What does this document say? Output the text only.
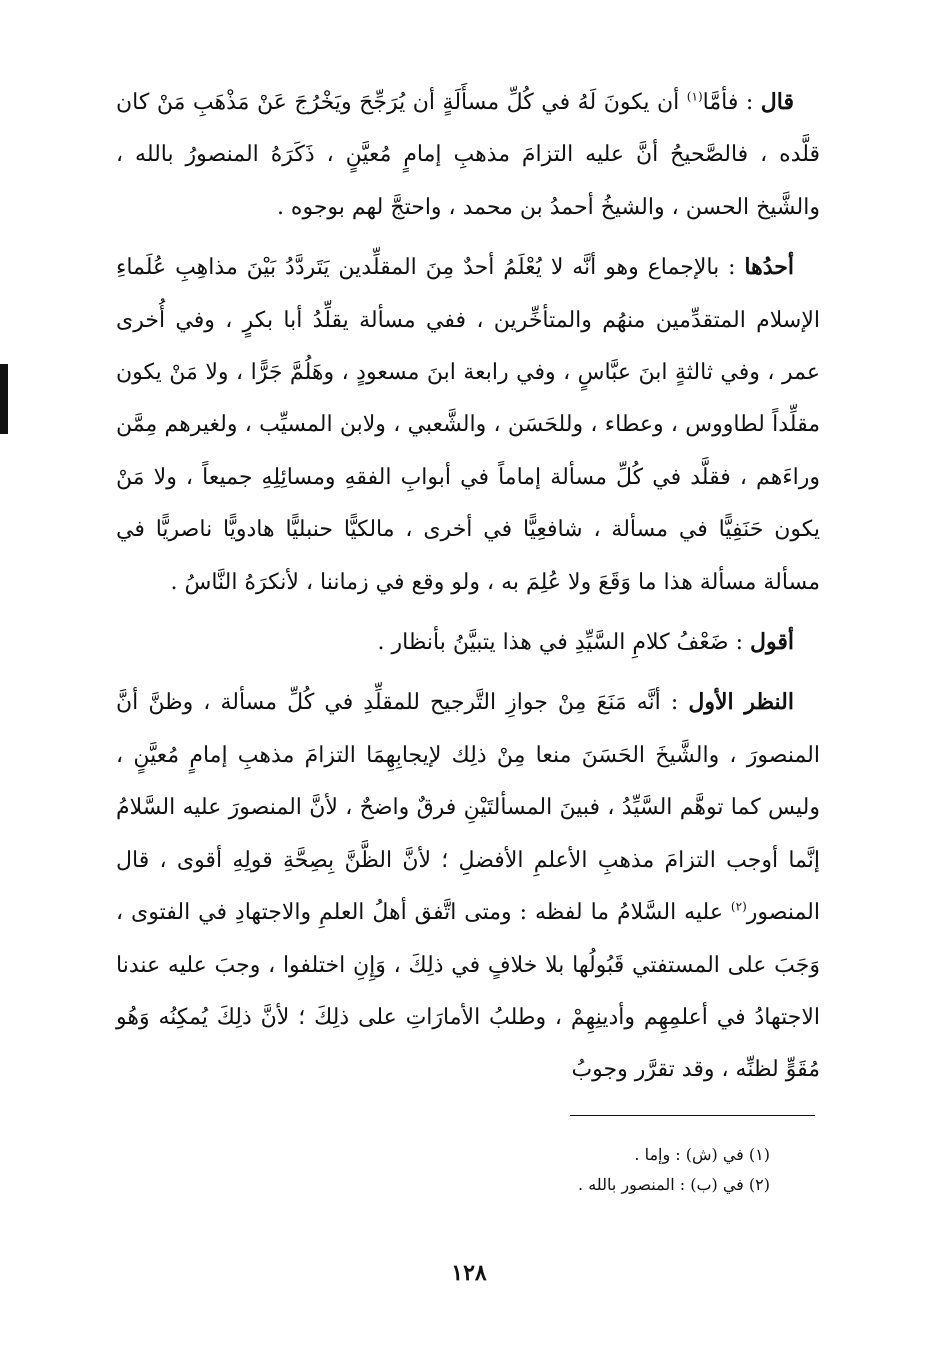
قال : فأمَّا$^{(١)}$ أن يكونَ لَهُ في كُلِّ مسأَلَةٍ أن يُرَجِّحَ ويَخْرُجَ عَنْ مَذْهَبِ مَنْ كان قلَّده ، فالصَّحيحُ أنَّ عليه التزامَ مذهبِ إمامٍ مُعيَّنٍ ، ذَكَرَهُ المنصورُ بالله ، والشَّيخ الحسن ، والشيخُ أحمدُ بن محمد ، واحتجَّ لهم بوجوه .

أحدُها : بالإجماع وهو أنَّه لا يُعْلَمُ أحدٌ مِنَ المقلِّدين يَتَردَّدُ بَيْنَ مذاهِبِ عُلَماءِ الإسلام المتقدِّمين منهُم والمتأخِّرين ، ففي مسألة يقلِّدُ أبا بكرٍ ، وفي أُخرى عمر ، وفي ثالثةٍ ابنَ عبَّاسٍ ، وفي رابعة ابنَ مسعودٍ ، وهَلُمَّ جَرًّا ، ولا مَنْ يكون مقلِّداً لطاووس ، وعطاء ، وللحَسَن ، والشَّعبي ، ولابن المسيِّب ، ولغيرهم مِمَّن وراءَهم ، فقلَّد في كُلِّ مسألة إماماً في أبوابِ الفقهِ ومسائِلِهِ جميعاً ، ولا مَنْ يكون حَنَفِيًّا في مسألة ، شافعِيًّا في أخرى ، مالكيًّا حنبليًّا هادويًّا ناصريًّا في مسألة مسألة هذا ما وَقَعَ ولا عُلِمَ به ، ولو وقع في زماننا ، لأنكرَهُ النَّاسُ .

أقول : ضَعْفُ كلامِ السَّيِّدِ في هذا يتبيَّنُ بأنظار .

النظر الأول : أنَّه مَنَعَ مِنْ جوازِ التَّرجيح للمقلِّدِ في كُلِّ مسألة ، وظنَّ أنَّ المنصورَ ، والشَّيخَ الحَسَنَ منعا مِنْ ذلِك لإيجابِهِمَا التزامَ مذهبِ إمامٍ مُعيَّنٍ ، وليس كما توهَّم السَّيِّدُ ، فبينَ المسألتَيْنِ فرقٌ واضحٌ ، لأنَّ المنصورَ عليه السَّلامُ إنَّما أوجب التزامَ مذهبِ الأعلمِ الأفضلِ ؛ لأنَّ الظَّنَّ بِصِحَّةِ قولِهِ أقوى ، قال المنصور$^{(٢)}$ عليه السَّلامُ ما لفظه : ومتى اتَّفق أهلُ العلمِ والاجتهادِ في الفتوى ، وَجَبَ على المستفتي قَبُولُها بلا خلافٍ في ذلِكَ ، وَإِنِ اختلفوا ، وجبَ عليه عندنا الاجتهادُ في أعلمِهِم وأدينِهِمْ ، وطلبُ الأمارَاتِ على ذلِكَ ؛ لأنَّ ذلِكَ يُمكِنُه وَهُو مُقَوٍّ لظنِّه ، وقد تقرَّر وجوبُ

(١) في (ش) : وإما .

(٢) في (ب) : المنصور بالله .

١٢٨
